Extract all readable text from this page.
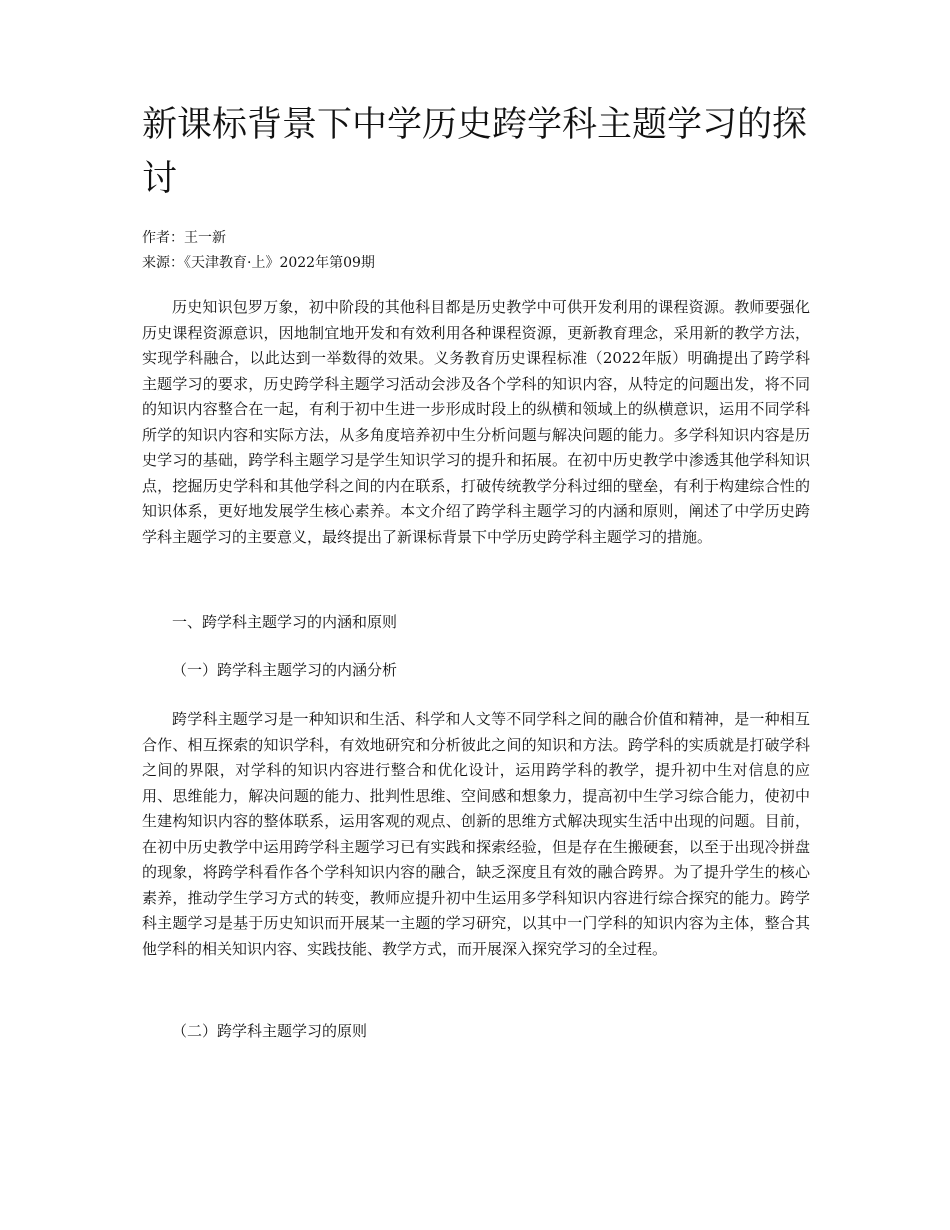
新课标背景下中学历史跨学科主题学习的探讨
作者：王一新
来源：《天津教育·上》2022年第09期

历史知识包罗万象，初中阶段的其他科目都是历史教学中可供开发利用的课程资源。教师要强化历史课程资源意识，因地制宜地开发和有效利用各种课程资源，更新教育理念，采用新的教学方法，实现学科融合，以此达到一举数得的效果。义务教育历史课程标准（2022年版）明确提出了跨学科主题学习的要求，历史跨学科主题学习活动会涉及各个学科的知识内容，从特定的问题出发，将不同的知识内容整合在一起，有利于初中生进一步形成时段上的纵横和领域上的纵横意识，运用不同学科所学的知识内容和实际方法，从多角度培养初中生分析问题与解决问题的能力。多学科知识内容是历史学习的基础，跨学科主题学习是学生知识学习的提升和拓展。在初中历史教学中渗透其他学科知识点，挖掘历史学科和其他学科之间的内在联系，打破传统教学分科过细的壁垒，有利于构建综合性的知识体系，更好地发展学生核心素养。本文介绍了跨学科主题学习的内涵和原则，阐述了中学历史跨学科主题学习的主要意义，最终提出了新课标背景下中学历史跨学科主题学习的措施。

一、跨学科主题学习的内涵和原则
（一）跨学科主题学习的内涵分析

跨学科主题学习是一种知识和生活、科学和人文等不同学科之间的融合价值和精神，是一种相互合作、相互探索的知识学科，有效地研究和分析彼此之间的知识和方法。跨学科的实质就是打破学科之间的界限，对学科的知识内容进行整合和优化设计，运用跨学科的教学，提升初中生对信息的应用、思维能力，解决问题的能力、批判性思维、空间感和想象力，提高初中生学习综合能力，使初中生建构知识内容的整体联系，运用客观的观点、创新的思维方式解决现实生活中出现的问题。目前，在初中历史教学中运用跨学科主题学习已有实践和探索经验，但是存在生搬硬套，以至于出现冷拼盘的现象，将跨学科看作各个学科知识内容的融合，缺乏深度且有效的融合跨界。为了提升学生的核心素养，推动学生学习方式的转变，教师应提升初中生运用多学科知识内容进行综合探究的能力。跨学科主题学习是基于历史知识而开展某一主题的学习研究，以其中一门学科的知识内容为主体，整合其他学科的相关知识内容、实践技能、教学方式，而开展深入探究学习的全过程。

（二）跨学科主题学习的原则
